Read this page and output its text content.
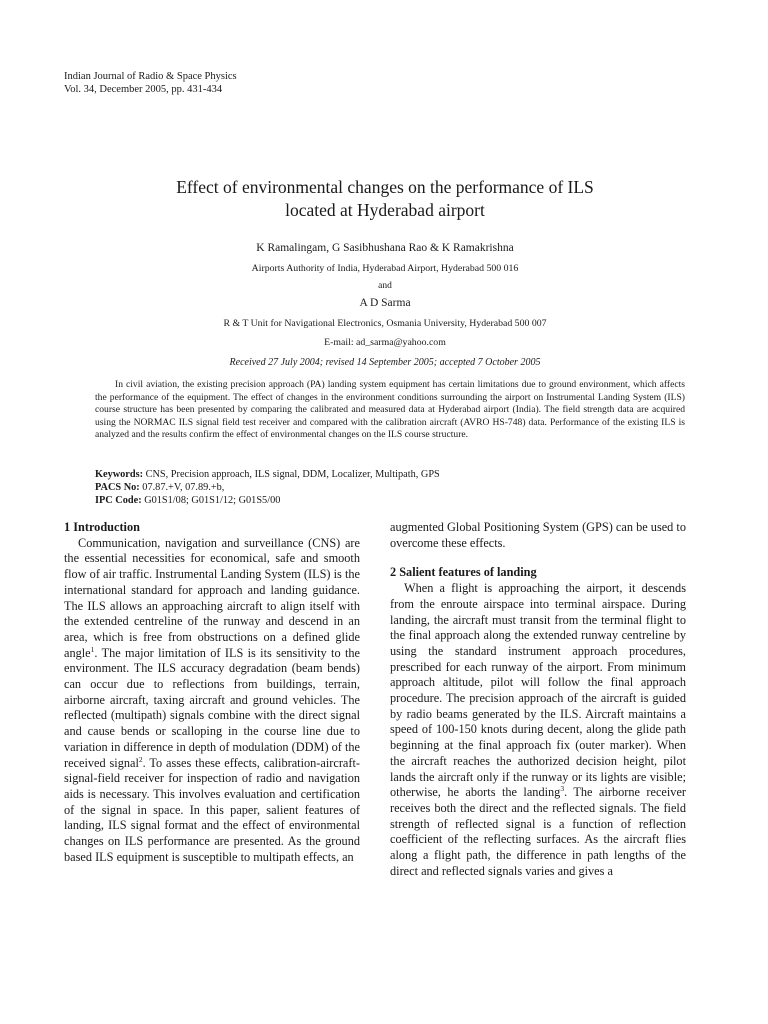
Indian Journal of Radio & Space Physics
Vol. 34, December 2005, pp. 431-434
Effect of environmental changes on the performance of ILS
located at Hyderabad airport
K Ramalingam, G Sasibhushana Rao & K Ramakrishna
Airports Authority of India, Hyderabad Airport, Hyderabad 500 016
and
A D Sarma
R & T Unit for Navigational Electronics, Osmania University, Hyderabad 500 007
E-mail: ad_sarma@yahoo.com
Received 27 July 2004; revised 14 September 2005; accepted 7 October 2005
In civil aviation, the existing precision approach (PA) landing system equipment has certain limitations due to ground environment, which affects the performance of the equipment. The effect of changes in the environment conditions surrounding the airport on Instrumental Landing System (ILS) course structure has been presented by comparing the calibrated and measured data at Hyderabad airport (India). The field strength data are acquired using the NORMAC ILS signal field test receiver and compared with the calibration aircraft (AVRO HS-748) data. Performance of the existing ILS is analyzed and the results confirm the effect of environmental changes on the ILS course structure.
Keywords: CNS, Precision approach, ILS signal, DDM, Localizer, Multipath, GPS
PACS No: 07.87.+V, 07.89.+b,
IPC Code: G01S1/08; G01S1/12; G01S5/00
1 Introduction

Communication, navigation and surveillance (CNS) are the essential necessities for economical, safe and smooth flow of air traffic. Instrumental Landing System (ILS) is the international standard for approach and landing guidance. The ILS allows an approaching aircraft to align itself with the extended centreline of the runway and descend in an area, which is free from obstructions on a defined glide angle$^1$. The major limitation of ILS is its sensitivity to the environment. The ILS accuracy degradation (beam bends) can occur due to reflections from buildings, terrain, airborne aircraft, taxing aircraft and ground vehicles. The reflected (multipath) signals combine with the direct signal and cause bends or scalloping in the course line due to variation in difference in depth of modulation (DDM) of the received signal$^2$. To asses these effects, calibration-aircraft-signal-field receiver for inspection of radio and navigation aids is necessary. This involves evaluation and certification of the signal in space. In this paper, salient features of landing, ILS signal format and the effect of environmental changes on ILS performance are presented. As the ground based ILS equipment is susceptible to multipath effects, an

augmented Global Positioning System (GPS) can be used to overcome these effects.

2 Salient features of landing

When a flight is approaching the airport, it descends from the enroute airspace into terminal airspace. During landing, the aircraft must transit from the terminal flight to the final approach along the extended runway centreline by using the standard instrument approach procedures, prescribed for each runway of the airport. From minimum approach altitude, pilot will follow the final approach procedure. The precision approach of the aircraft is guided by radio beams generated by the ILS. Aircraft maintains a speed of 100-150 knots during decent, along the glide path beginning at the final approach fix (outer marker). When the aircraft reaches the authorized decision height, pilot lands the aircraft only if the runway or its lights are visible; otherwise, he aborts the landing$^3$. The airborne receiver receives both the direct and the reflected signals. The field strength of reflected signal is a function of reflection coefficient of the reflecting surfaces. As the aircraft flies along a flight path, the difference in path lengths of the direct and reflected signals varies and gives a
